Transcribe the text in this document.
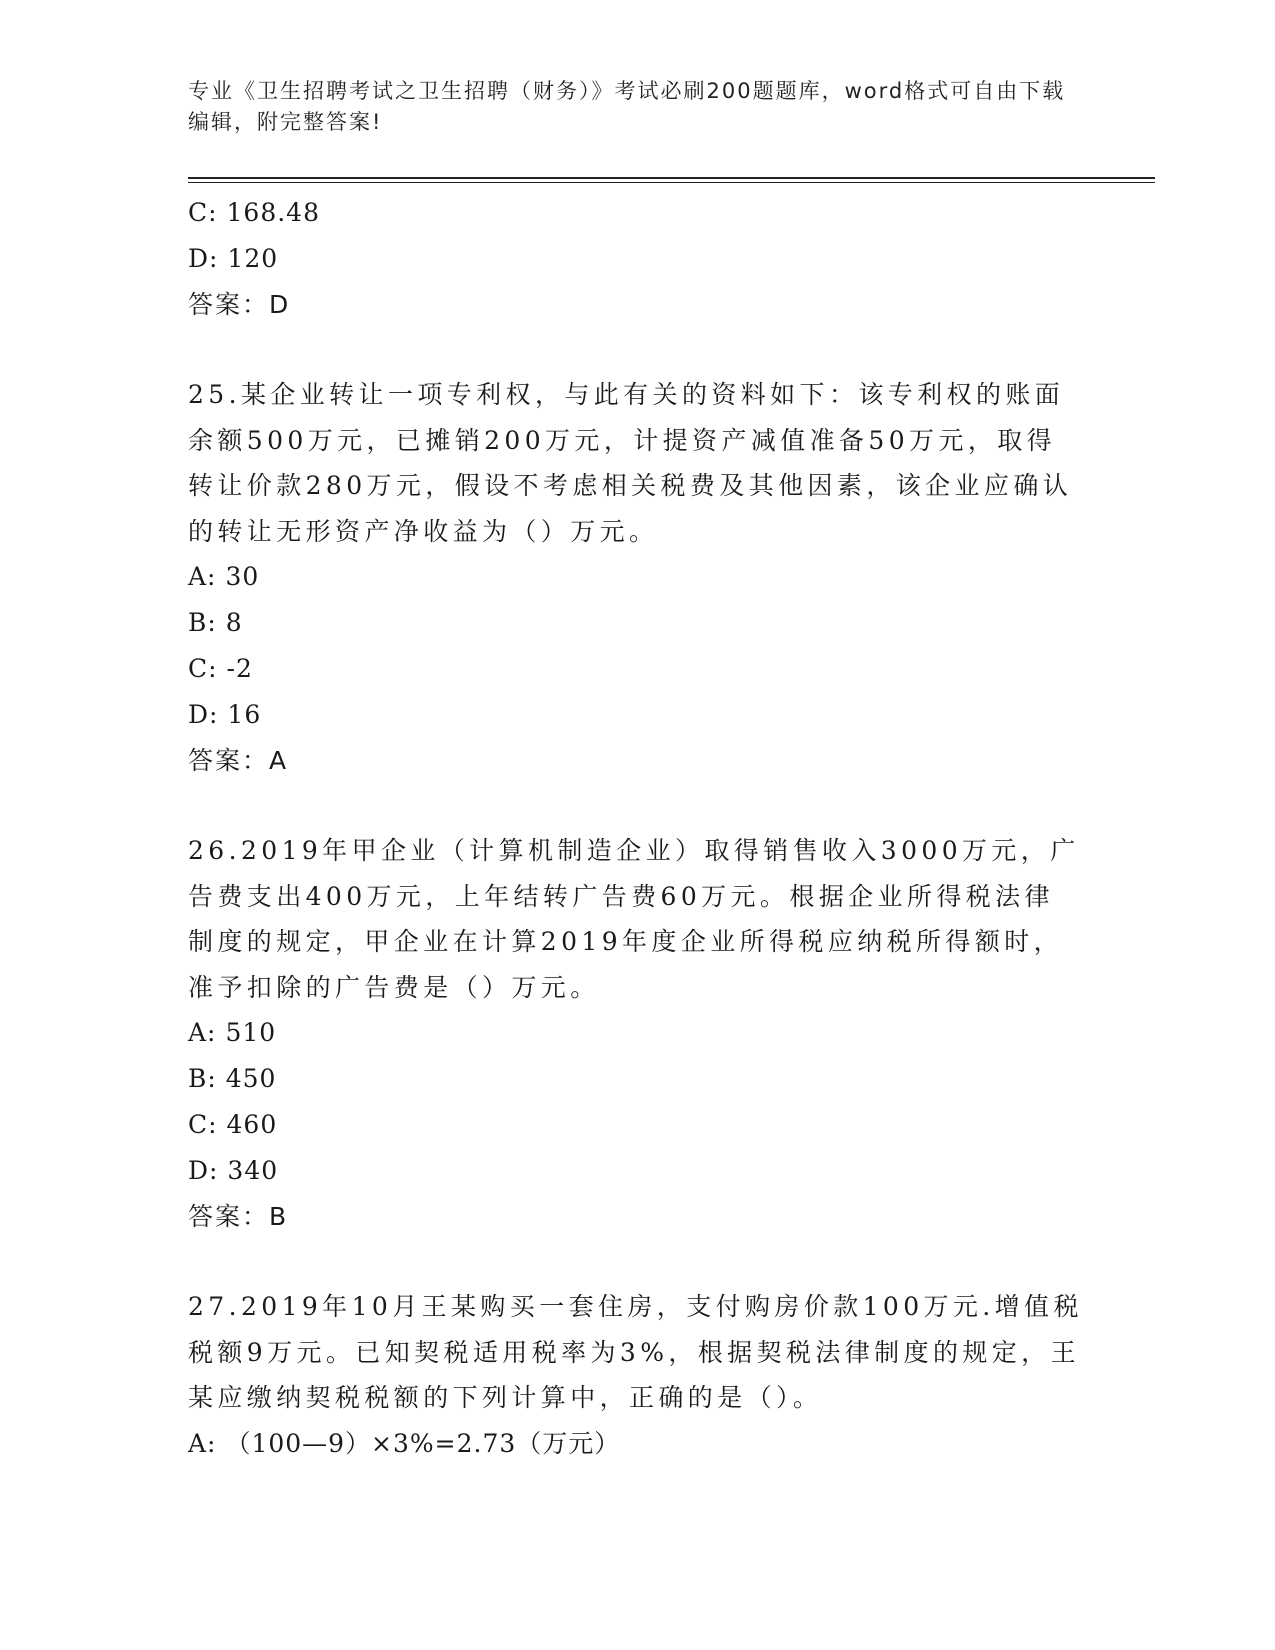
专业《卫生招聘考试之卫生招聘（财务）》考试必刷200题题库，word格式可自由下载编辑，附完整答案!
C: 168.48
D: 120
答案：D
25.某企业转让一项专利权，与此有关的资料如下：该专利权的账面余额500万元，已摊销200万元，计提资产减值准备50万元，取得转让价款280万元，假设不考虑相关税费及其他因素，该企业应确认的转让无形资产净收益为（）万元。
A: 30
B: 8
C: -2
D: 16
答案：A
26.2019年甲企业（计算机制造企业）取得销售收入3000万元，广告费支出400万元，上年结转广告费60万元。根据企业所得税法律制度的规定，甲企业在计算2019年度企业所得税应纳税所得额时，准予扣除的广告费是（）万元。
A: 510
B: 450
C: 460
D: 340
答案：B
27.2019年10月王某购买一套住房，支付购房价款100万元.增值税税额9万元。已知契税适用税率为3%，根据契税法律制度的规定，王某应缴纳契税税额的下列计算中，正确的是（）。
A: （100—9）×3%=2.73（万元）
